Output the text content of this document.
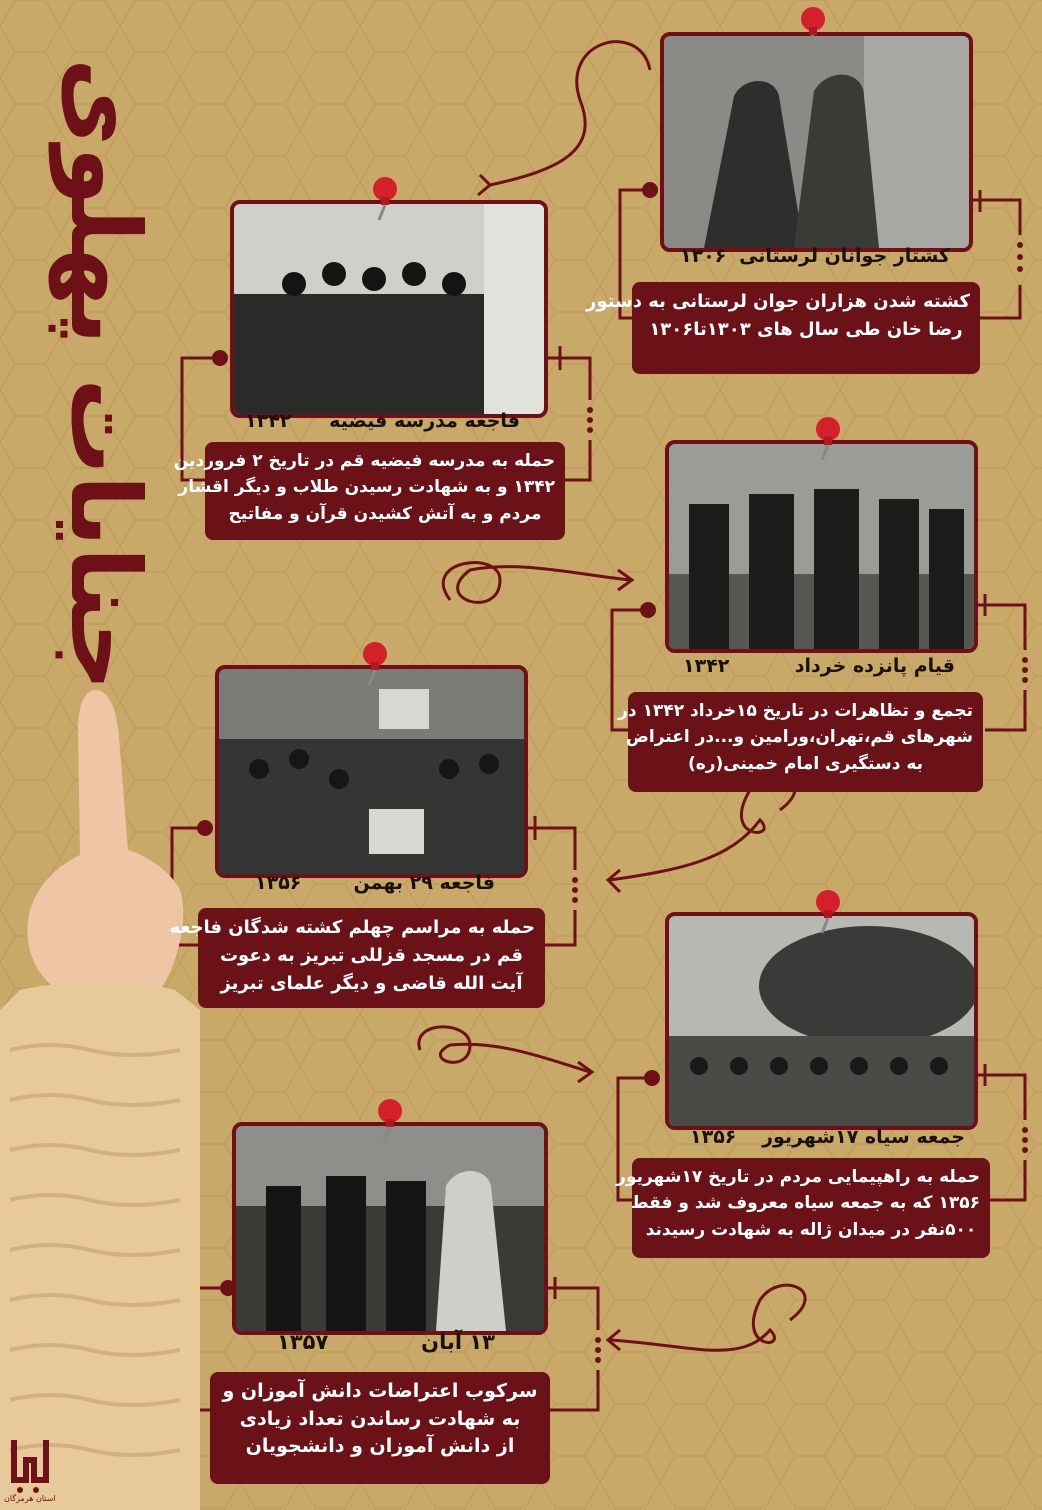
جنایات پهلوی	کشتار جوانان لرستانی
۱۳۰۶
کشته شدن هزاران جوان لرستانی به دستور
رضا خان طی سال های ۱۳۰۳تا۱۳۰۶
فاجعه مدرسه فیضیه
۱۳۴۲
حمله به مدرسه فیضیه قم در تاریخ ۲ فروردین
۱۳۴۲ و به شهادت رسیدن طلاب و دیگر اقشار
مردم و به آتش کشیدن قرآن و مفاتیح
قیام پانزده خرداد
۱۳۴۲
تجمع و تظاهرات در تاریخ ۱۵خرداد ۱۳۴۲ در
شهرهای قم،تهران،ورامین و...در اعتراض
به دستگیری امام خمینی(ره)
فاجعه ۲۹ بهمن
۱۳۵۶
حمله به مراسم چهلم کشته شدگان فاجعه
قم در مسجد قزللی تبریز به دعوت
آیت الله قاضی و دیگر علمای تبریز
جمعه سیاه ۱۷شهریور
۱۳۵۶
حمله به راهپیمایی مردم در تاریخ ۱۷شهریور
۱۳۵۶ که به جمعه سیاه معروف شد و فقط
۵۰۰نفر در میدان ژاله به شهادت رسیدند
۱۳ آبان
۱۳۵۷
سرکوب اعتراضات دانش آموزان و
به شهادت رساندن تعداد زیادی
از دانش آموزان و دانشجویان
استان هرمزگان
